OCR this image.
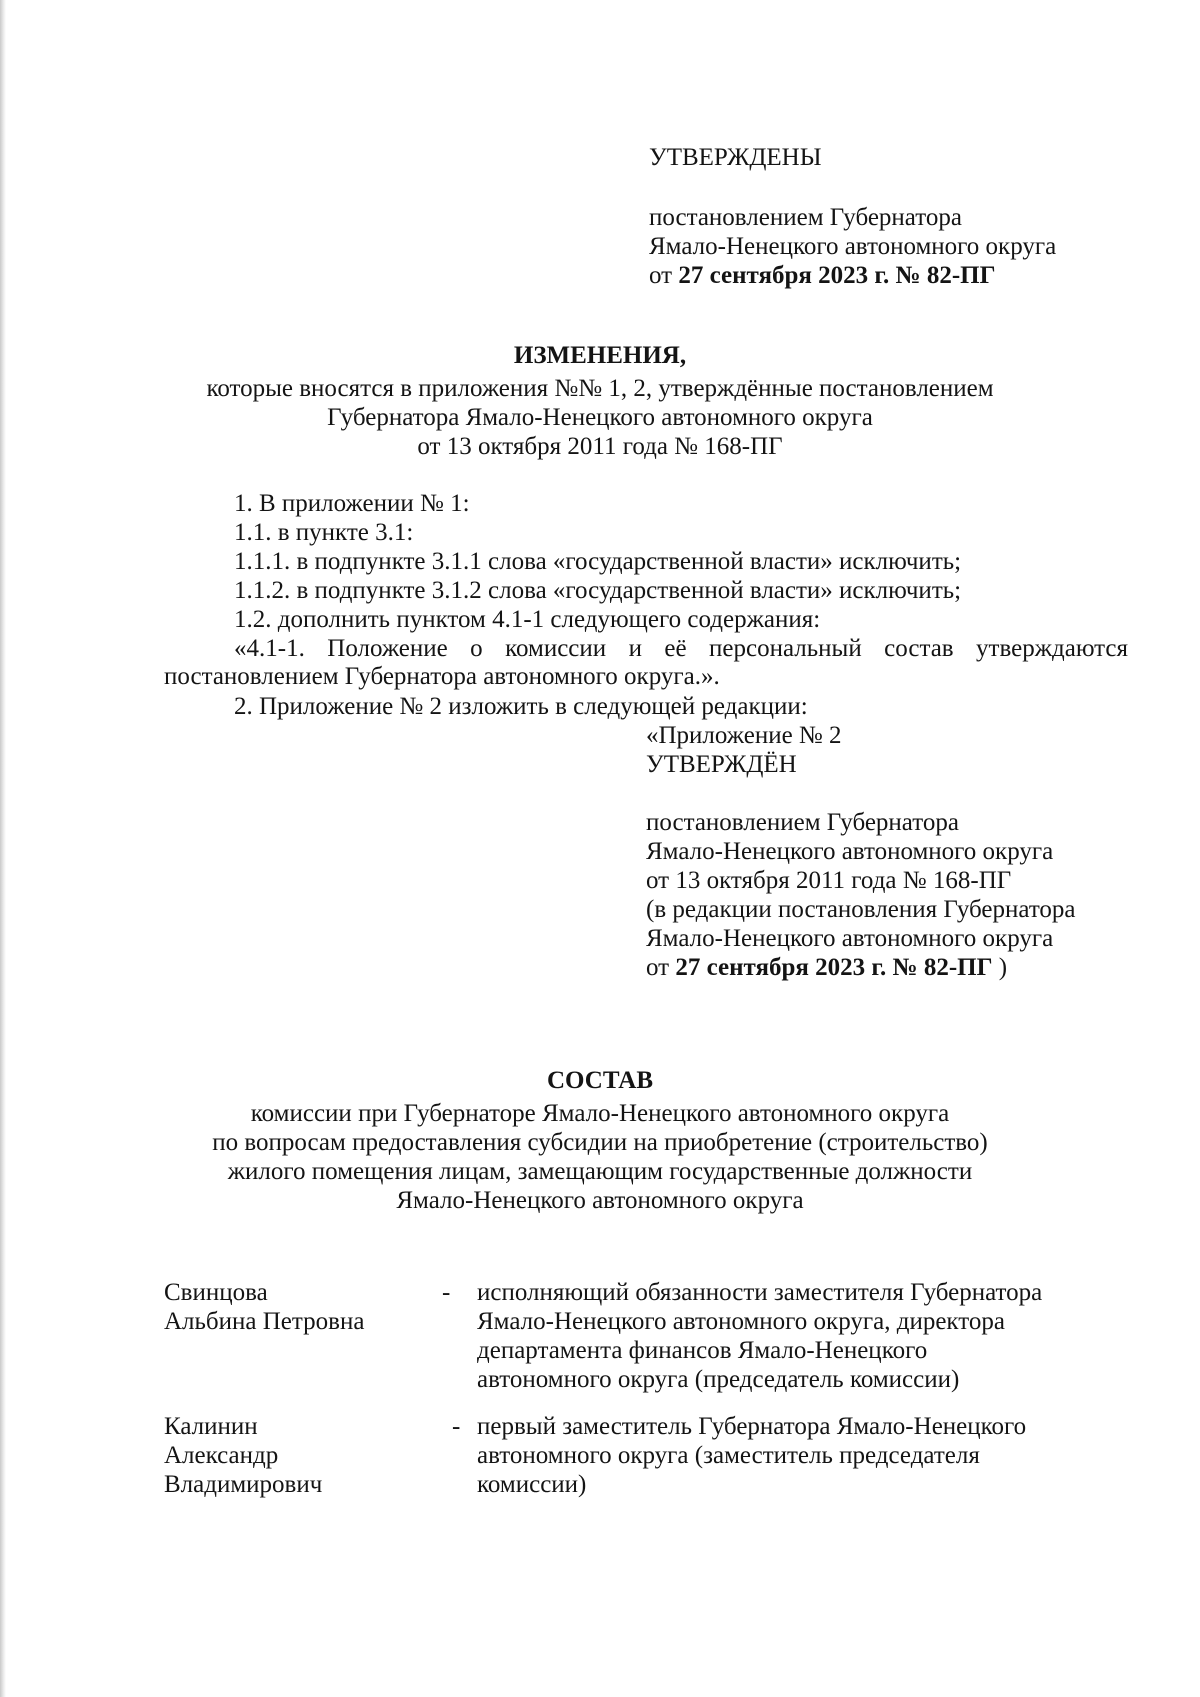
УТВЕРЖДЕНЫ

постановлением Губернатора

Ямало-Ненецкого автономного округа

от 27 сентября 2023 г. № 82-ПГ

ИЗМЕНЕНИЯ,

которые вносятся в приложения №№ 1, 2, утверждённые постановлением

Губернатора Ямало-Ненецкого автономного округа

от 13 октября 2011 года № 168-ПГ

1. В приложении № 1:

1.1. в пункте 3.1:

1.1.1. в подпункте 3.1.1 слова «государственной власти» исключить;

1.1.2. в подпункте 3.1.2 слова «государственной власти» исключить;

1.2. дополнить пунктом 4.1-1 следующего содержания:

«4.1-1. Положение о комиссии и её персональный состав утверждаются постановлением Губернатора автономного округа.».

2. Приложение № 2 изложить в следующей редакции:

«Приложение № 2

УТВЕРЖДЁН

постановлением Губернатора

Ямало-Ненецкого автономного округа

от 13 октября 2011 года № 168-ПГ

(в редакции постановления Губернатора

Ямало-Ненецкого автономного округа

от 27 сентября 2023 г. № 82-ПГ )

СОСТАВ

комиссии при Губернаторе Ямало-Ненецкого автономного округа

по вопросам предоставления субсидии на приобретение (строительство)

жилого помещения лицам, замещающим государственные должности

Ямало-Ненецкого автономного округа

Свинцова

Альбина Петровна

- исполняющий обязанности заместителя Губернатора

Ямало-Ненецкого автономного округа, директора

департамента финансов Ямало-Ненецкого

автономного округа (председатель комиссии)

Калинин

Александр

Владимирович

- первый заместитель Губернатора Ямало-Ненецкого

автономного округа (заместитель председателя

комиссии)
